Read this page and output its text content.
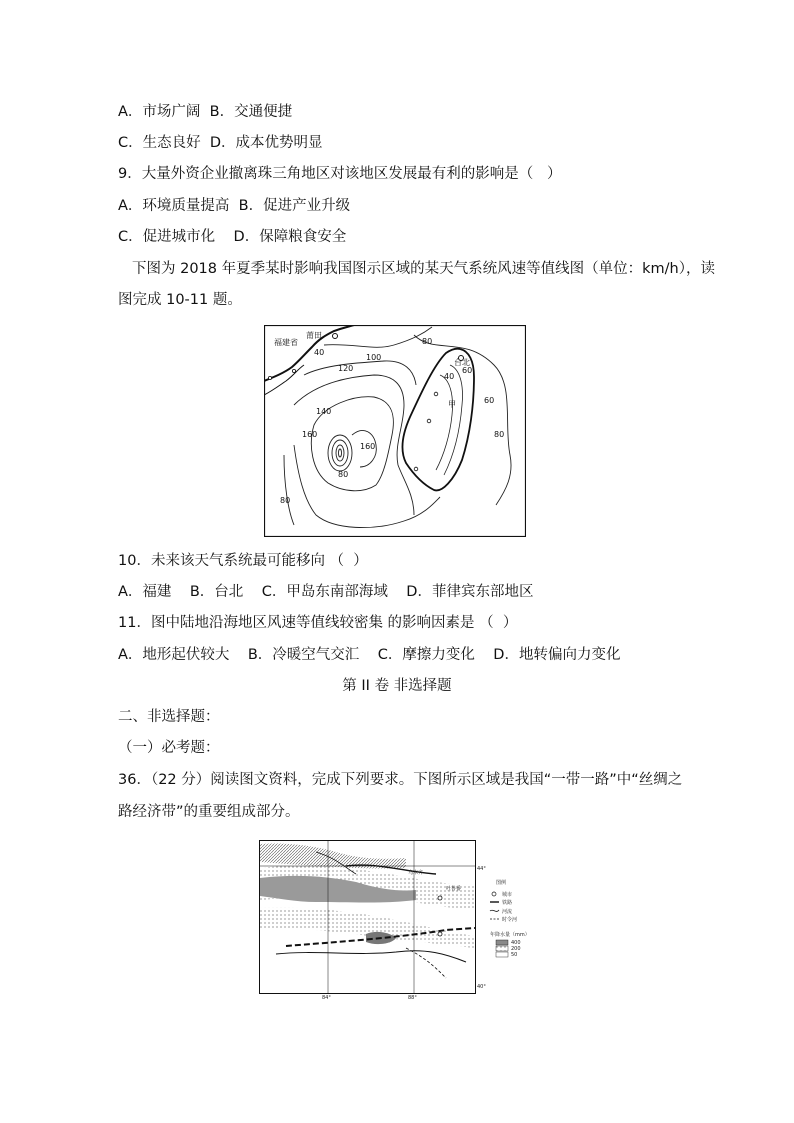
A．市场广阔  B．交通便捷
C．生态良好  D．成本优势明显
9．大量外资企业撤离珠三角地区对该地区发展最有利的影响是（   ）
A．环境质量提高  B．促进产业升级
C．促进城市化    D．保障粮食安全
下图为 2018 年夏季某时影响我国图示区域的某天气系统风速等值线图（单位：km/h），读
图完成 10-11 题。
福建省
莆田
台北
甲
40
100
120
80
60
40
60
140
160
160
80
80
80
10．未来该天气系统最可能移向 （  ）
A．福建    B．台北    C．甲岛东南部海域    D．菲律宾东部地区
11．图中陆地沿海地区风速等值线较密集 的影响因素是 （  ）
A．地形起伏较大    B．冷暖空气交汇    C．摩擦力变化    D．地转偏向力变化
第 II 卷 非选择题
二、非选择题：
（一）必考题：
36．（22 分）阅读图文资料，完成下列要求。下图所示区域是我国“一带一路”中“丝绸之
路经济带”的重要组成部分。
乌木齐
吐鲁番
44°
40°
84°	88°
图例
城市
铁路
河流
时令河
年降水量（mm）
400
200
50
